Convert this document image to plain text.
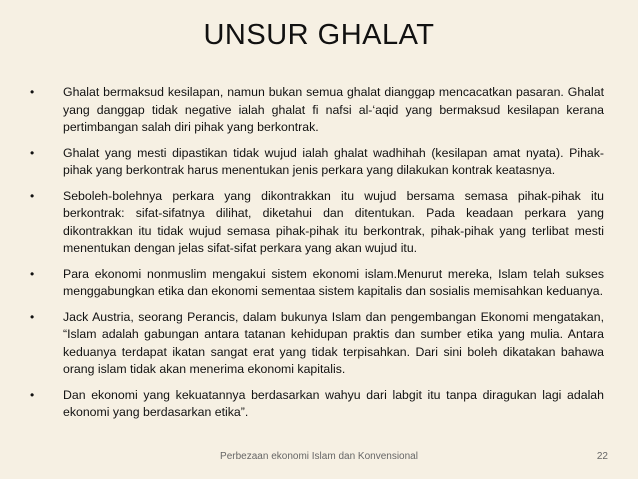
UNSUR GHALAT
•	Ghalat bermaksud kesilapan, namun bukan semua ghalat dianggap mencacatkan pasaran. Ghalat yang danggap tidak negative ialah ghalat fi nafsi al-‘aqid yang bermaksud kesilapan kerana pertimbangan salah diri pihak yang berkontrak.
•	Ghalat yang mesti dipastikan tidak wujud ialah ghalat wadhihah (kesilapan amat nyata). Pihak-pihak yang berkontrak harus menentukan jenis perkara yang dilakukan kontrak keatasnya.
•	Seboleh-bolehnya perkara yang dikontrakkan itu wujud bersama semasa pihak-pihak itu berkontrak: sifat-sifatnya dilihat, diketahui dan ditentukan. Pada keadaan perkara yang dikontrakkan itu tidak wujud semasa pihak-pihak itu berkontrak, pihak-pihak yang terlibat mesti menentukan dengan jelas sifat-sifat perkara yang akan wujud itu.
•	Para ekonomi nonmuslim mengakui sistem ekonomi islam.Menurut mereka, Islam telah sukses menggabungkan etika dan ekonomi sementaa sistem kapitalis dan sosialis memisahkan keduanya.
•	Jack Austria, seorang Perancis, dalam bukunya Islam dan pengembangan Ekonomi mengatakan, “Islam adalah gabungan antara tatanan kehidupan praktis dan sumber etika yang mulia. Antara keduanya terdapat ikatan sangat erat yang tidak terpisahkan. Dari sini boleh dikatakan bahawa orang islam tidak akan menerima ekonomi kapitalis.
•	Dan ekonomi yang kekuatannya berdasarkan wahyu dari labgit itu tanpa diragukan lagi adalah ekonomi yang berdasarkan etika”.
Perbezaan ekonomi Islam dan Konvensional	22
